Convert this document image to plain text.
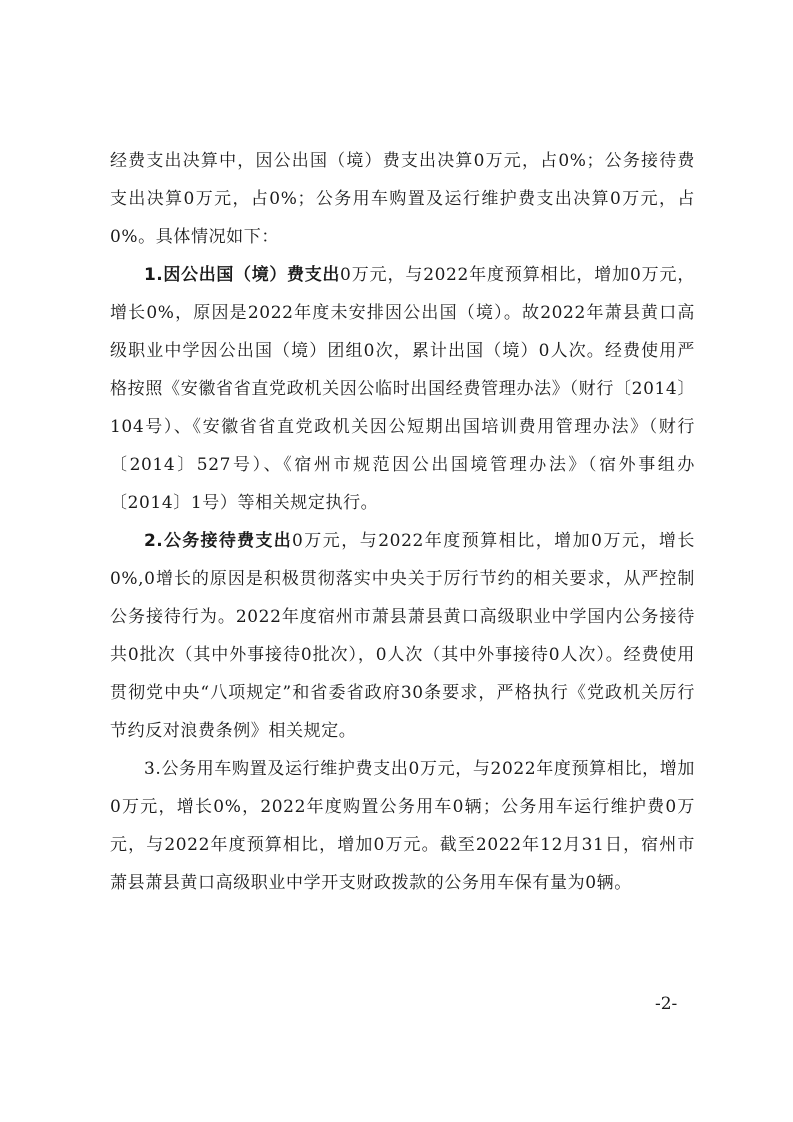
经费支出决算中，因公出国（境）费支出决算0万元，占0%；公务接待费支出决算0万元，占0%；公务用车购置及运行维护费支出决算0万元，占0%。具体情况如下：

1.因公出国（境）费支出0万元，与2022年度预算相比，增加0万元，增长0%，原因是2022年度未安排因公出国（境）。故2022年萧县黄口高级职业中学因公出国（境）团组0次，累计出国（境）0人次。经费使用严格按照《安徽省省直党政机关因公临时出国经费管理办法》（财行〔2014〕104号）、《安徽省省直党政机关因公短期出国培训费用管理办法》（财行〔2014〕527号）、《宿州市规范因公出国境管理办法》（宿外事组办〔2014〕1号）等相关规定执行。

2.公务接待费支出0万元，与2022年度预算相比，增加0万元，增长0%,0增长的原因是积极贯彻落实中央关于厉行节约的相关要求，从严控制公务接待行为。2022年度宿州市萧县萧县黄口高级职业中学国内公务接待共0批次（其中外事接待0批次），0人次（其中外事接待0人次）。经费使用贯彻党中央“八项规定”和省委省政府30条要求，严格执行《党政机关厉行节约反对浪费条例》相关规定。

3.公务用车购置及运行维护费支出0万元，与2022年度预算相比，增加0万元，增长0%，2022年度购置公务用车0辆；公务用车运行维护费0万元，与2022年度预算相比，增加0万元。截至2022年12月31日，宿州市萧县萧县黄口高级职业中学开支财政拨款的公务用车保有量为0辆。

-2-
